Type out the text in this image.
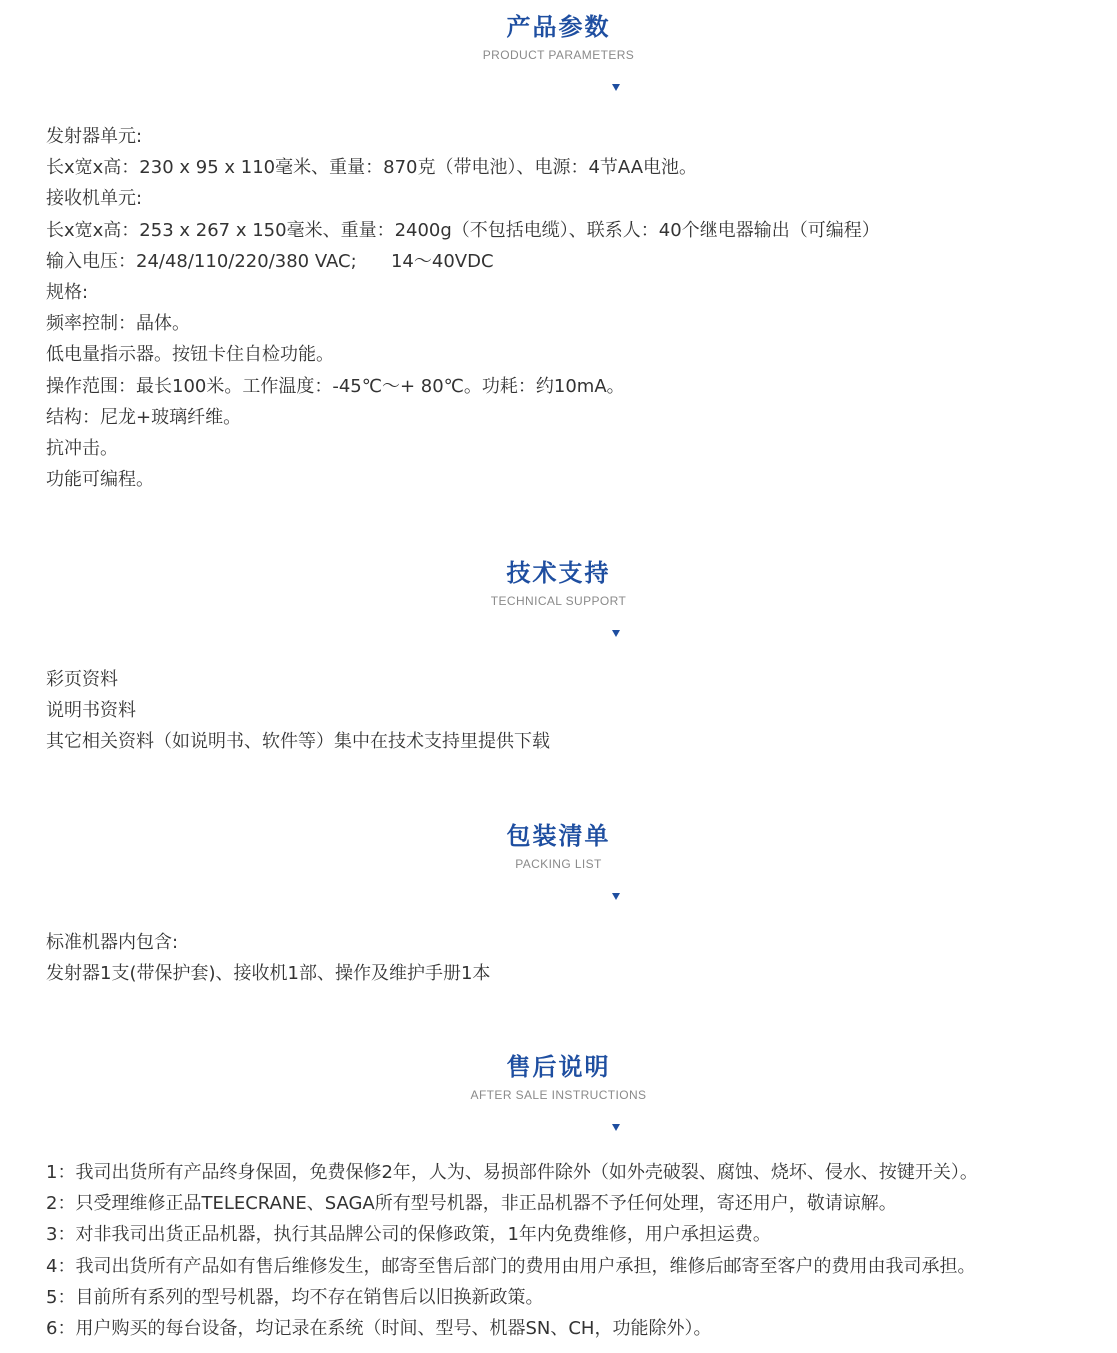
产品参数
PRODUCT PARAMETERS
发射器单元:
长x宽x高：230 x 95 x 110毫米、重量：870克（带电池）、电源：4节AA电池。
接收机单元:
长x宽x高：253 x 267 x 150毫米、重量：2400g（不包括电缆）、联系人：40个继电器输出（可编程）
输入电压：24/48/110/220/380 VAC;      14～40VDC
规格:
频率控制：晶体。
低电量指示器。按钮卡住自检功能。
操作范围：最长100米。工作温度：-45℃～+ 80℃。功耗：约10mA。
结构：尼龙+玻璃纤维。
抗冲击。
功能可编程。
技术支持
TECHNICAL SUPPORT
彩页资料
说明书资料
其它相关资料（如说明书、软件等）集中在技术支持里提供下载
包装清单
PACKING LIST
标准机器内包含:
发射器1支(带保护套)、接收机1部、操作及维护手册1本
售后说明
AFTER SALE INSTRUCTIONS
1：我司出货所有产品终身保固，免费保修2年，人为、易损部件除外（如外壳破裂、腐蚀、烧坏、侵水、按键开关）。
2：只受理维修正品TELECRANE、SAGA所有型号机器，非正品机器不予任何处理，寄还用户，敬请谅解。
3：对非我司出货正品机器，执行其品牌公司的保修政策，1年内免费维修，用户承担运费。
4：我司出货所有产品如有售后维修发生，邮寄至售后部门的费用由用户承担，维修后邮寄至客户的费用由我司承担。
5：目前所有系列的型号机器，均不存在销售后以旧换新政策。
6：用户购买的每台设备，均记录在系统（时间、型号、机器SN、CH，功能除外）。
